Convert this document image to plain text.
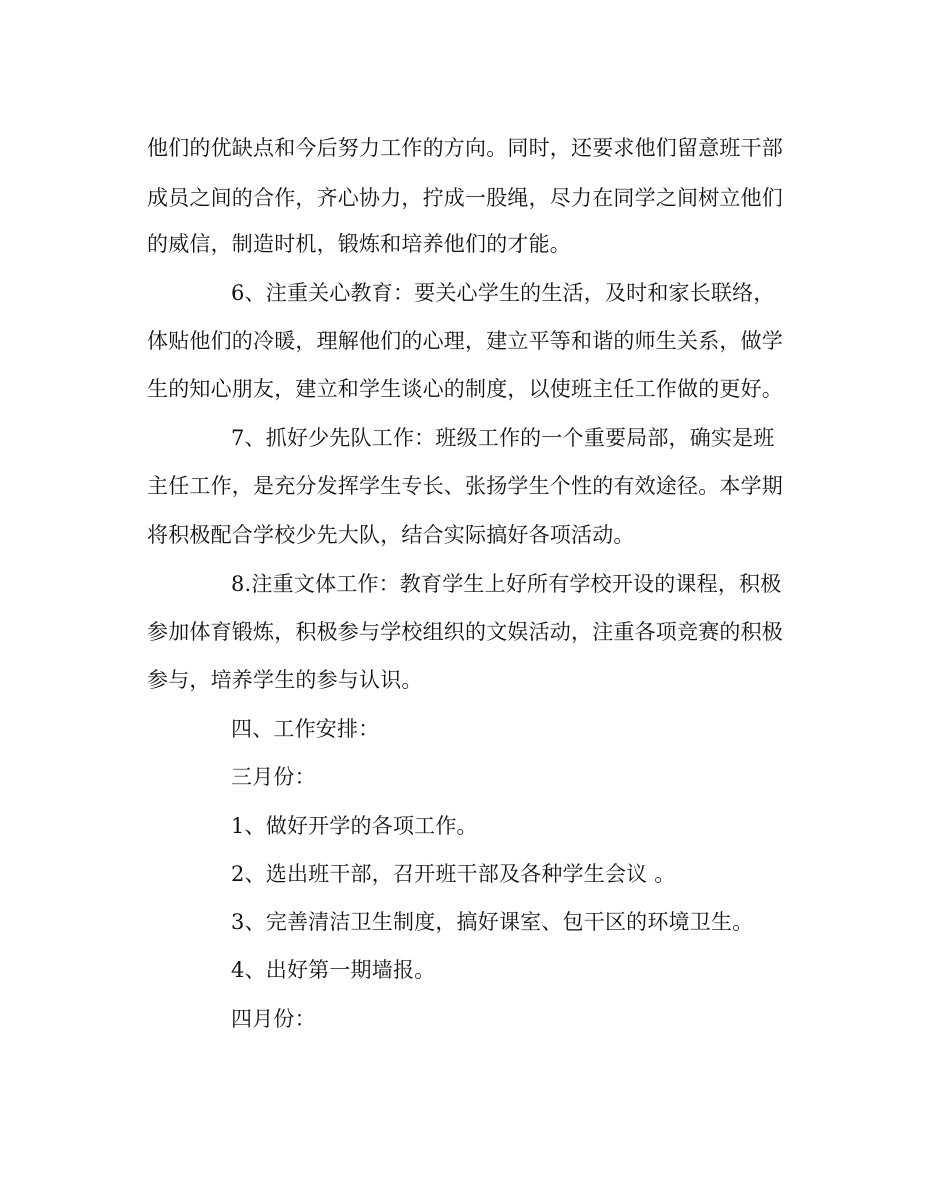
他们的优缺点和今后努力工作的方向。同时，还要求他们留意班干部
成员之间的合作，齐心协力，拧成一股绳，尽力在同学之间树立他们
的威信，制造时机，锻炼和培养他们的才能。
6、注重关心教育：要关心学生的生活，及时和家长联络，
体贴他们的冷暖，理解他们的心理，建立平等和谐的师生关系，做学
生的知心朋友，建立和学生谈心的制度，以使班主任工作做的更好。
7、抓好少先队工作：班级工作的一个重要局部，确实是班
主任工作，是充分发挥学生专长、张扬学生个性的有效途径。本学期
将积极配合学校少先大队，结合实际搞好各项活动。
8.注重文体工作：教育学生上好所有学校开设的课程，积极
参加体育锻炼，积极参与学校组织的文娱活动，注重各项竞赛的积极
参与，培养学生的参与认识。
四、工作安排：
三月份：
1、做好开学的各项工作。
2、选出班干部，召开班干部及各种学生会议 。
3、完善清洁卫生制度，搞好课室、包干区的环境卫生。
4、出好第一期墙报。
四月份：
